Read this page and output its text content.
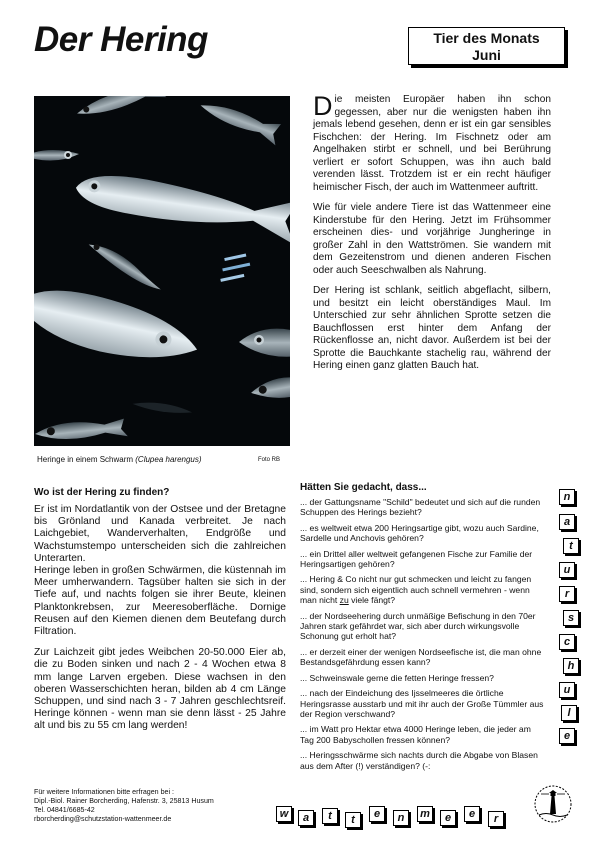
Der Hering	Tier des Monats
Juni
Heringe in einem Schwarm (Clupea harengus)	Foto RB

Die meisten Europäer haben ihn schon gegessen, aber nur die wenigsten haben ihn jemals lebend gesehen, denn er ist ein gar sensibles Fischchen: der Hering. Im Fischnetz oder am Angelhaken stirbt er schnell, und bei Berührung verliert er sofort Schuppen, was ihn auch bald verenden lässt. Trotzdem ist er ein recht häufiger heimischer Fisch, der auch im Wattenmeer auftritt.

Wie für viele andere Tiere ist das Wattenmeer eine Kinderstube für den Hering. Jetzt im Frühsommer erscheinen dies- und vorjährige Jungheringe in großer Zahl in den Wattströmen. Sie wandern mit dem Gezeitenstrom und dienen anderen Fischen oder auch Seeschwalben als Nahrung.

Der Hering ist schlank, seitlich abgeflacht, silbern, und besitzt ein leicht oberständiges Maul. Im Unterschied zur sehr ähnlichen Sprotte setzen die Bauchflossen erst hinter dem Anfang der Rückenflosse an, nicht davor. Außerdem ist bei der Sprotte die Bauchkante stachelig rau, während der Hering einen ganz glatten Bauch hat.

Wo ist der Hering zu finden?

Er ist im Nordatlantik von der Ostsee und der Bretagne bis Grönland und Kanada verbreitet. Je nach Laichgebiet, Wanderverhalten, Endgröße und Wachstumstempo unterscheiden sich die zahlreichen Unterarten.

Heringe leben in großen Schwärmen, die küstennah im Meer umherwandern. Tagsüber halten sie sich in der Tiefe auf, und nachts folgen sie ihrer Beute, kleinen Planktonkrebsen, zur Meeresoberfläche. Dornige Reusen auf den Kiemen dienen dem Beutefang durch Filtration.

Zur Laichzeit gibt jedes Weibchen 20-50.000 Eier ab, die zu Boden sinken und nach 2 - 4 Wochen etwa 8 mm lange Larven ergeben. Diese wachsen in den oberen Wasserschichten heran, bilden ab 4 cm Länge Schuppen, und sind nach 3 - 7 Jahren geschlechtsreif. Heringe können - wenn man sie denn lässt - 25 Jahre alt und bis zu 55 cm lang werden!

Hätten Sie gedacht, dass...
... der Gattungsname "Schild" bedeutet und sich auf die runden Schuppen des Herings bezieht?
... es weltweit etwa 200 Heringsartige gibt, wozu auch Sardine, Sardelle und Anchovis gehören?
... ein Drittel aller weltweit gefangenen Fische zur Familie der Heringsartigen gehören?
... Hering & Co nicht nur gut schmecken und leicht zu fangen sind, sondern sich eigentlich auch schnell vermehren - wenn man nicht zu viele fängt?
... der Nordseehering durch unmäßige Befischung in den 70er Jahren stark gefährdet war, sich aber durch wirkungsvolle Schonung gut erholt hat?
... er derzeit einer der wenigen Nordseefische ist, die man ohne Bestandsgefährdung essen kann?
... Schweinswale gerne die fetten Heringe fressen?
... nach der Eindeichung des Ijsselmeeres die örtliche Heringsrasse ausstarb und mit ihr auch der Große Tümmler aus der Region verschwand?
... im Watt pro Hektar etwa 4000 Heringe leben, die jeder am Tag 200 Babyschollen fressen können?
... Heringsschwärme sich nachts durch die Abgabe von Blasen aus dem After (!) verständigen? (-:
Für weitere Informationen bitte erfragen bei :
Dipl.-Biol. Rainer Borcherding, Hafenstr. 3, 25813 Husum
Tel. 04841/6685-42
rborcherding@schutzstation-wattenmeer.de
n
a
t
u
r
s
c
h
u
l
e
w	a	t	t	e	n	m	e	e	r
